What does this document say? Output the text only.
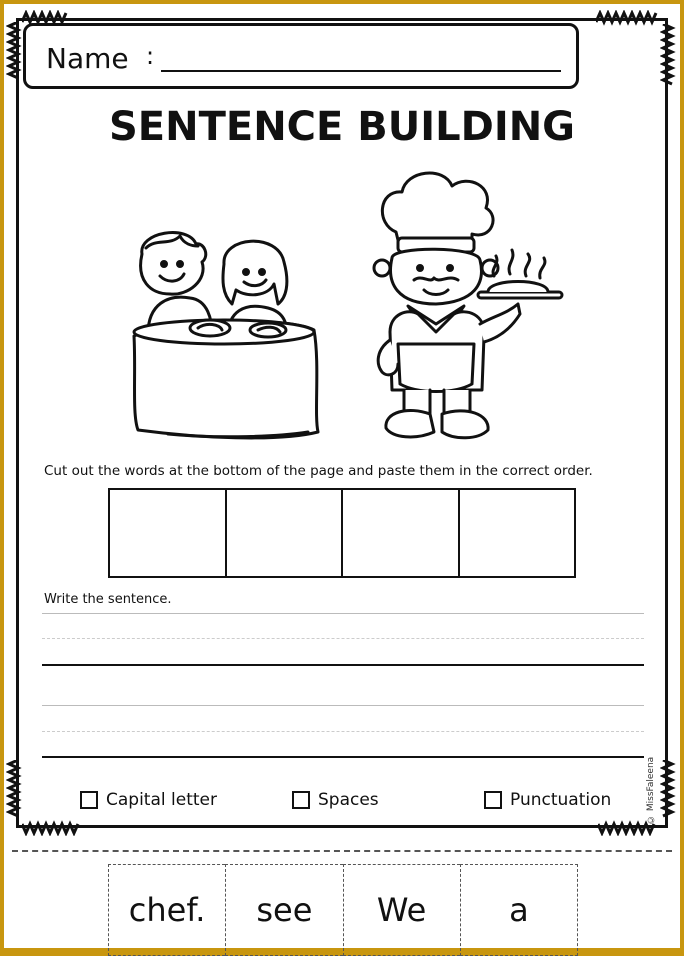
Name :
SENTENCE BUILDING
Cut out the words at the bottom of the page and paste them in the correct order.
Write the sentence.
Capital letter	Spaces	Punctuation	© MissFaleena
chef.	see	We	a
